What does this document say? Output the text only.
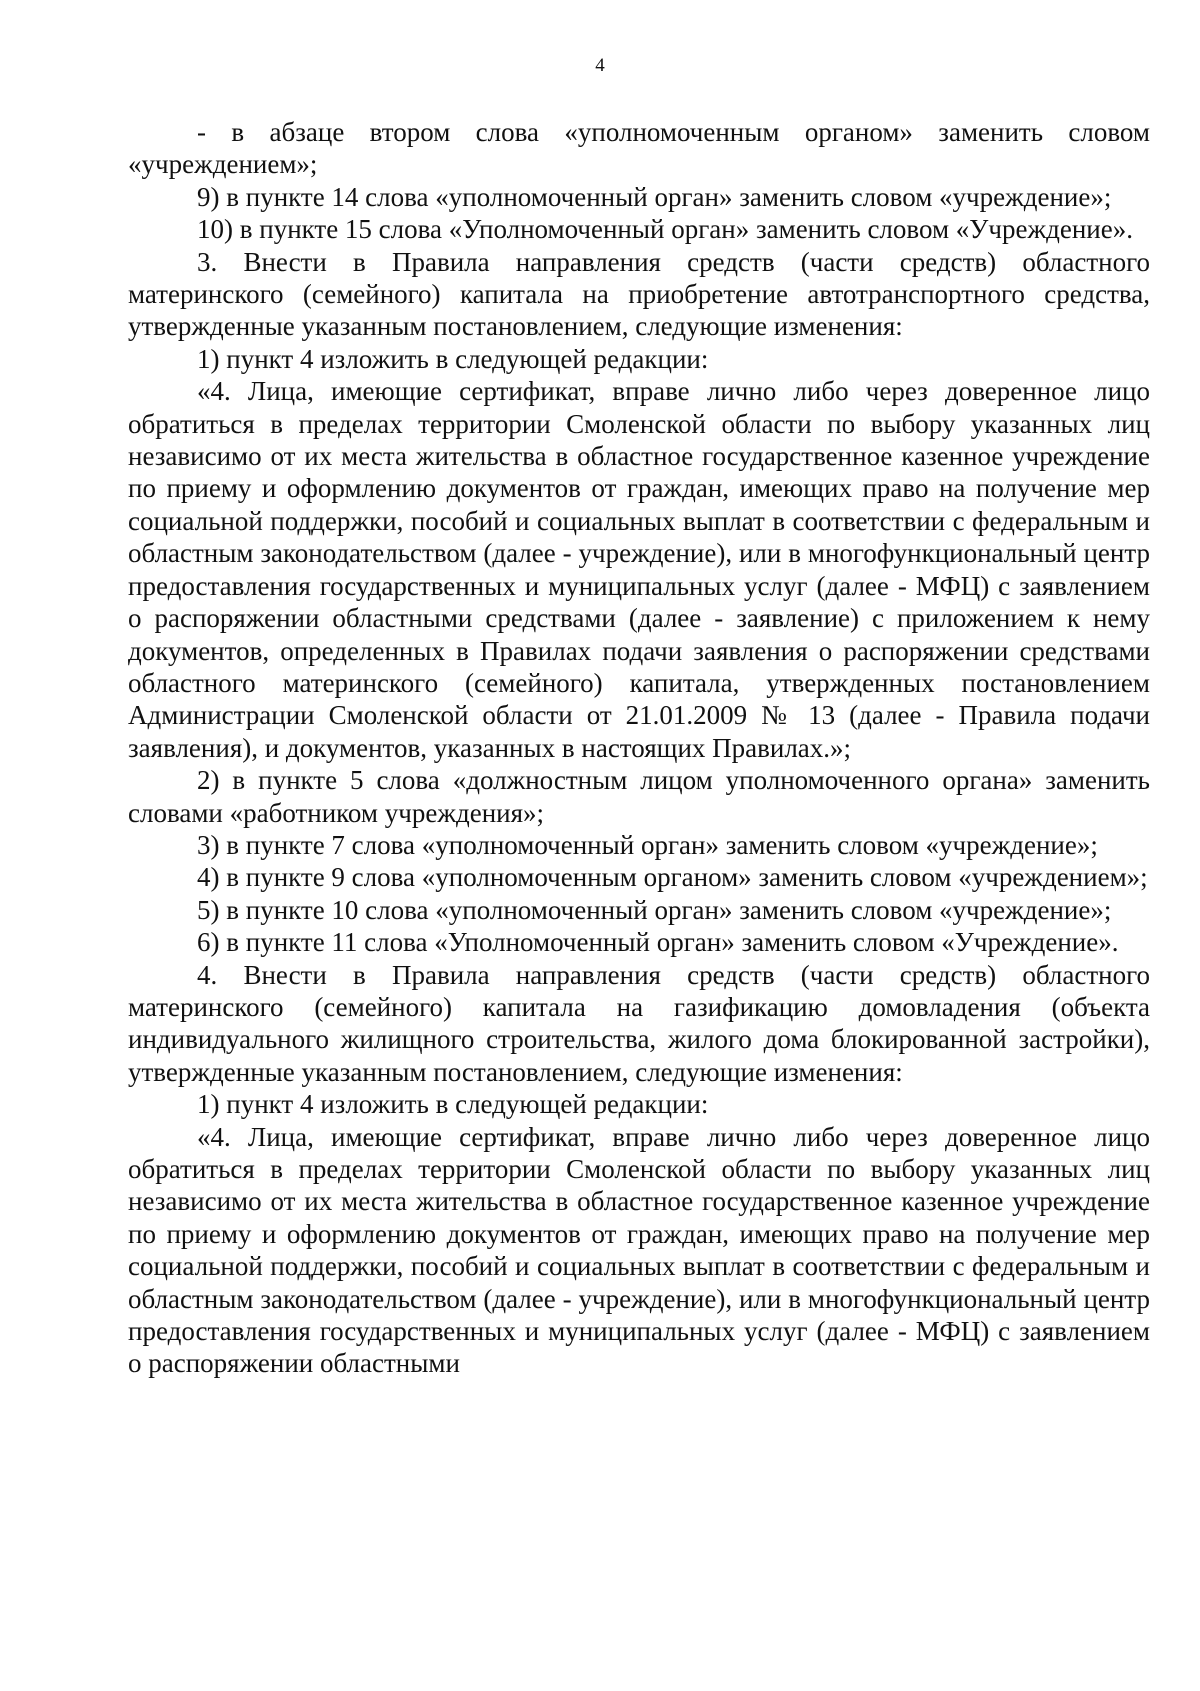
4

- в абзаце втором слова «уполномоченным органом» заменить словом «учреждением»;

9) в пункте 14 слова «уполномоченный орган» заменить словом «учреждение»;

10) в пункте 15 слова «Уполномоченный орган» заменить словом «Учреждение».

3. Внести в Правила направления средств (части средств) областного материнского (семейного) капитала на приобретение автотранспортного средства, утвержденные указанным постановлением, следующие изменения:

1) пункт 4 изложить в следующей редакции:

«4. Лица, имеющие сертификат, вправе лично либо через доверенное лицо обратиться в пределах территории Смоленской области по выбору указанных лиц независимо от их места жительства в областное государственное казенное учреждение по приему и оформлению документов от граждан, имеющих право на получение мер социальной поддержки, пособий и социальных выплат в соответствии с федеральным и областным законодательством (далее - учреждение), или в многофункциональный центр предоставления государственных и муниципальных услуг (далее - МФЦ) с заявлением о распоряжении областными средствами (далее - заявление) с приложением к нему документов, определенных в Правилах подачи заявления о распоряжении средствами областного материнского (семейного) капитала, утвержденных постановлением Администрации Смоленской области от 21.01.2009 № 13 (далее - Правила подачи заявления), и документов, указанных в настоящих Правилах.»;

2) в пункте 5 слова «должностным лицом уполномоченного органа» заменить словами «работником учреждения»;

3) в пункте 7 слова «уполномоченный орган» заменить словом «учреждение»;

4) в пункте 9 слова «уполномоченным органом» заменить словом «учреждением»;

5) в пункте 10 слова «уполномоченный орган» заменить словом «учреждение»;

6) в пункте 11 слова «Уполномоченный орган» заменить словом «Учреждение».

4. Внести в Правила направления средств (части средств) областного материнского (семейного) капитала на газификацию домовладения (объекта индивидуального жилищного строительства, жилого дома блокированной застройки), утвержденные указанным постановлением, следующие изменения:

1) пункт 4 изложить в следующей редакции:

«4. Лица, имеющие сертификат, вправе лично либо через доверенное лицо обратиться в пределах территории Смоленской области по выбору указанных лиц независимо от их места жительства в областное государственное казенное учреждение по приему и оформлению документов от граждан, имеющих право на получение мер социальной поддержки, пособий и социальных выплат в соответствии с федеральным и областным законодательством (далее - учреждение), или в многофункциональный центр предоставления государственных и муниципальных услуг (далее - МФЦ) с заявлением о распоряжении областными
